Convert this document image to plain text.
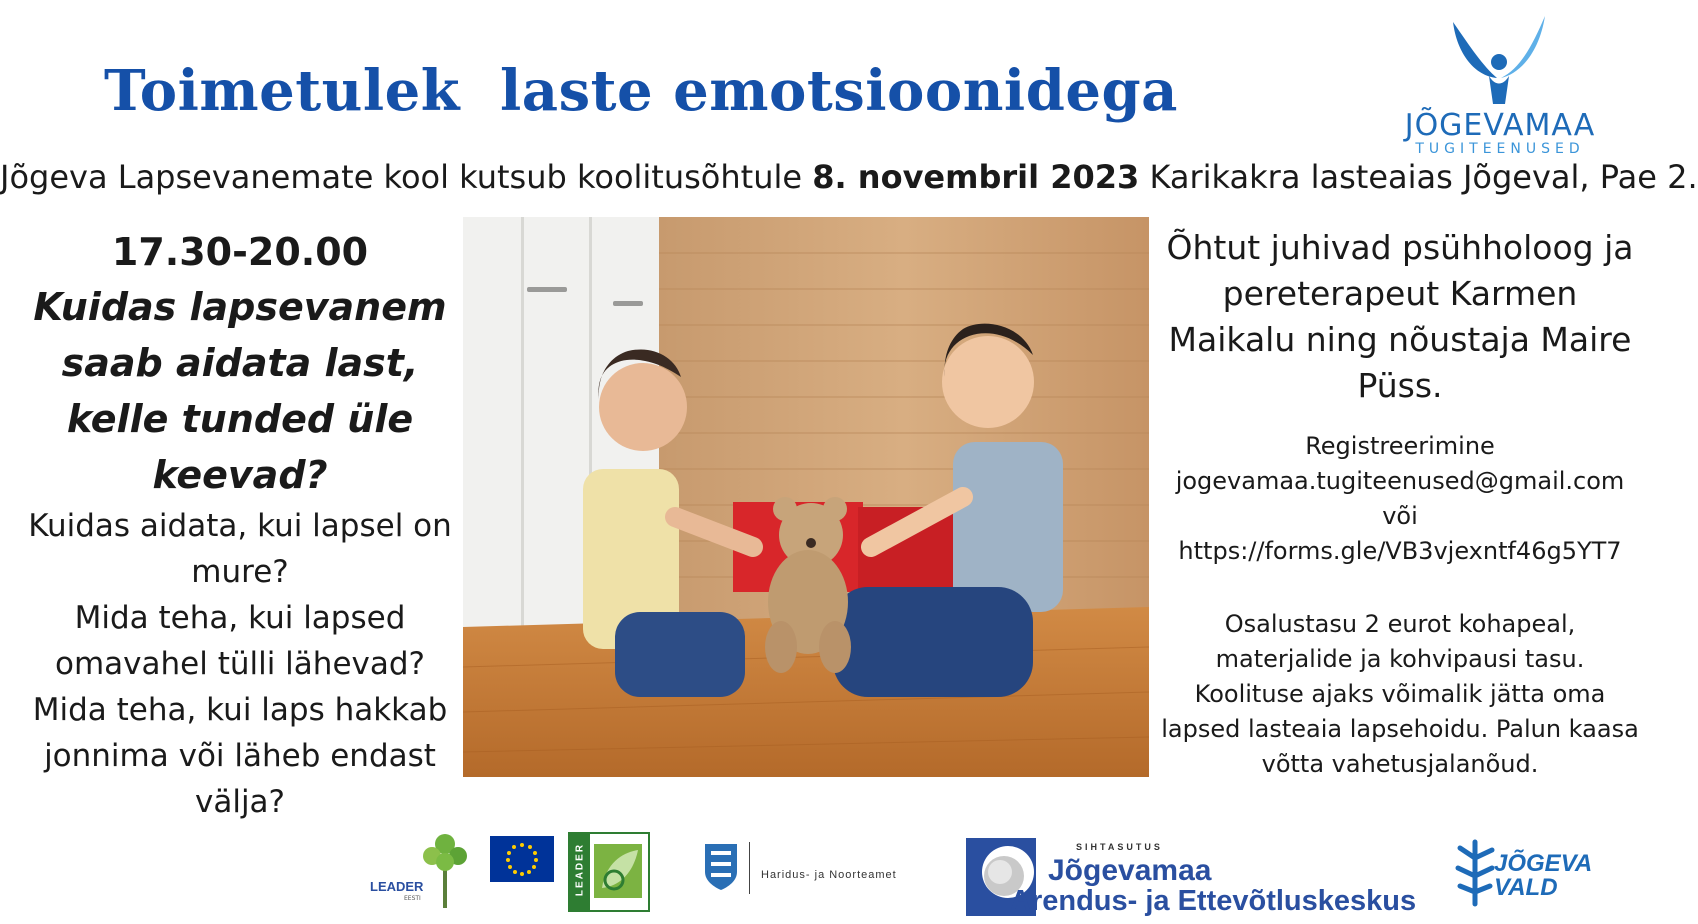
Toimetulek  laste emotsioonidega
JÕGEVAMAA
TUGITEENUSED
Jõgeva Lapsevanemate kool kutsub koolitusõhtule 8. novembril 2023 Karikakra lasteaias Jõgeval, Pae 2.
17.30-20.00
Kuidas lapsevanem saab aidata last, kelle tunded üle keevad?
Kuidas aidata, kui lapsel on mure?
Mida teha, kui lapsed omavahel tülli lähevad?
Mida teha, kui laps hakkab jonnima või läheb endast välja?
Õhtut juhivad psühholoog ja pereterapeut Karmen Maikalu ning nõustaja Maire Püss.
Registreerimine
jogevamaa.tugiteenused@gmail.com
või
https://forms.gle/VB3vjexntf46g5YT7
Osalustasu 2 eurot kohapeal, materjalide ja kohvipausi tasu. Koolituse ajaks võimalik jätta oma lapsed lasteaia lapsehoidu. Palun kaasa võtta vahetusjalanõud.
LEADER
EESTI
LEADER	Haridus- ja Noorteamet
SIHTASUTUS
Jõgevamaa
Arendus- ja Ettevõtluskeskus
JÕGEVA
VALD
